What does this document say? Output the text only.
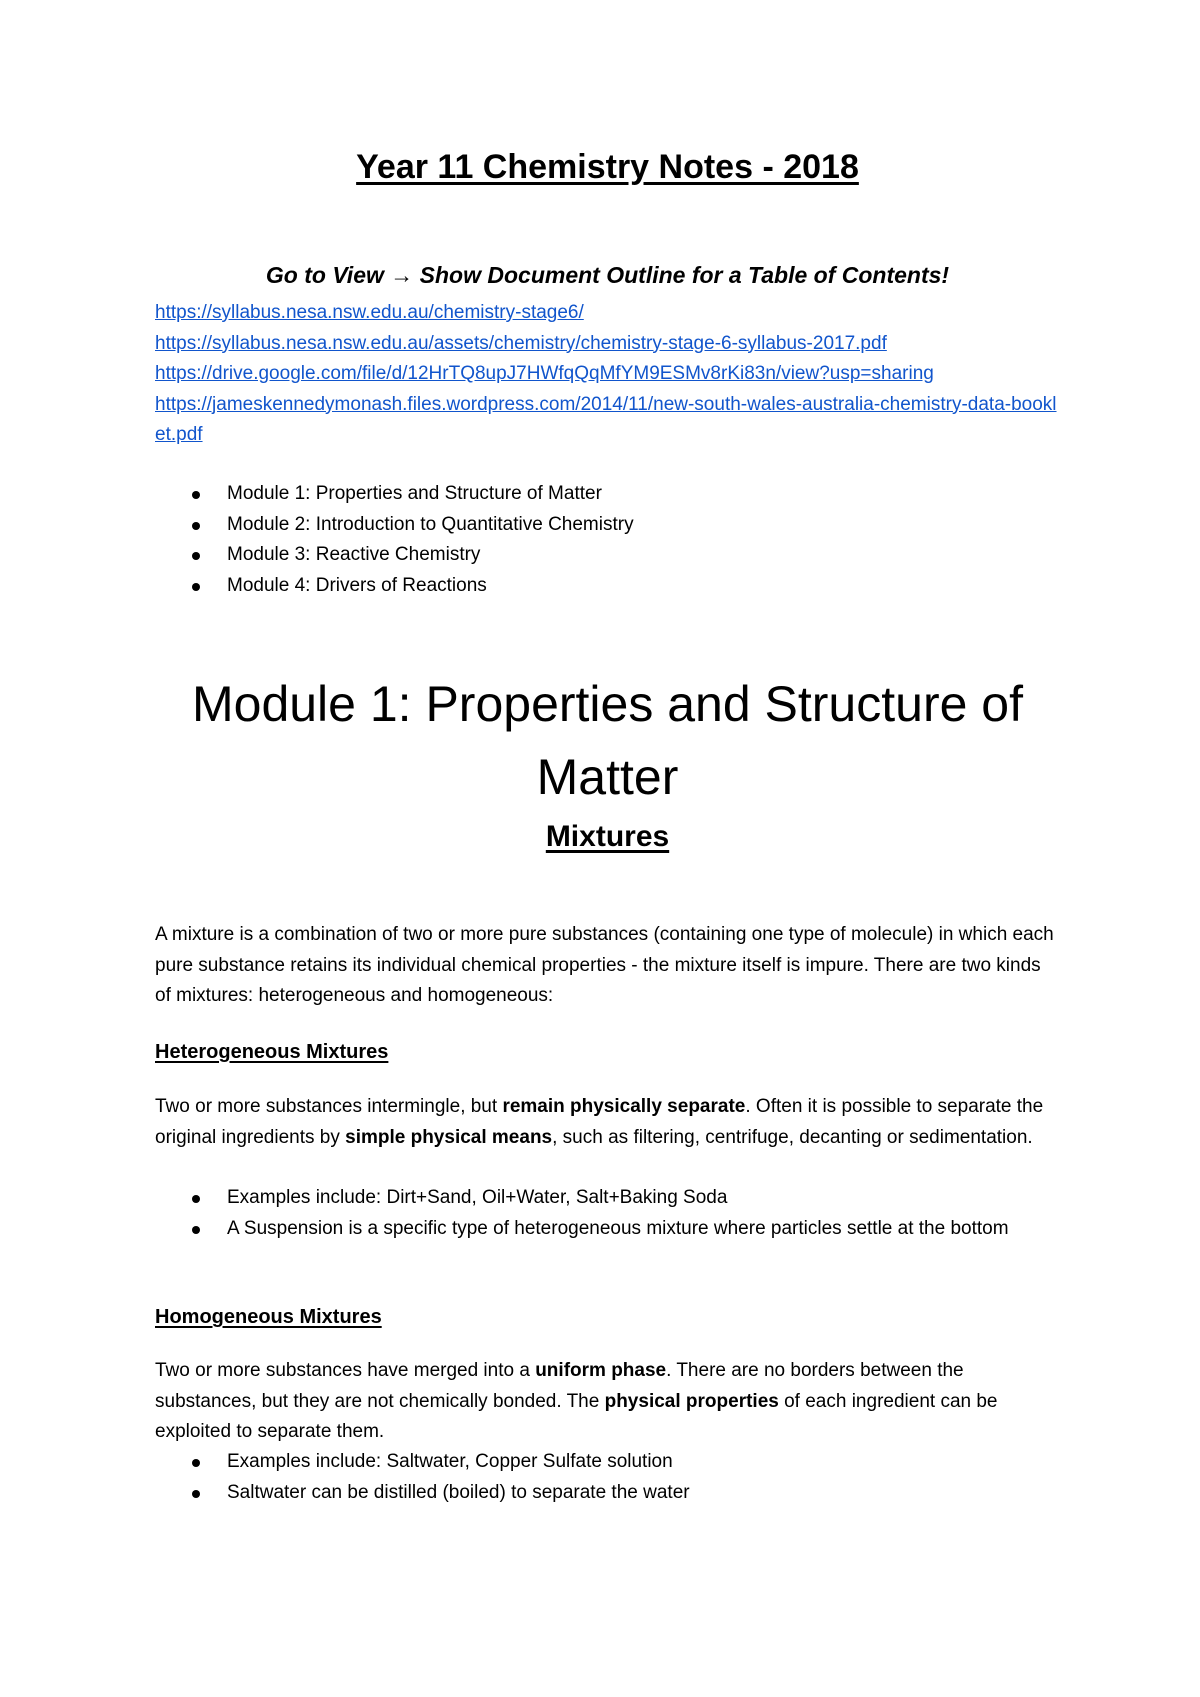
Year 11 Chemistry Notes - 2018

Go to View → Show Document Outline for a Table of Contents!

https://syllabus.nesa.nsw.edu.au/chemistry-stage6/
https://syllabus.nesa.nsw.edu.au/assets/chemistry/chemistry-stage-6-syllabus-2017.pdf
https://drive.google.com/file/d/12HrTQ8upJ7HWfqQqMfYM9ESMv8rKi83n/view?usp=sharing
https://jameskennedymonash.files.wordpress.com/2014/11/new-south-wales-australia-chemistry-data-booklet.pdf
Module 1: Properties and Structure of Matter
Module 2: Introduction to Quantitative Chemistry
Module 3: Reactive Chemistry
Module 4: Drivers of Reactions
Module 1: Properties and Structure of Matter
Mixtures

A mixture is a combination of two or more pure substances (containing one type of molecule) in which each pure substance retains its individual chemical properties - the mixture itself is impure. There are two kinds of mixtures: heterogeneous and homogeneous:

Heterogeneous Mixtures

Two or more substances intermingle, but remain physically separate. Often it is possible to separate the original ingredients by simple physical means, such as filtering, centrifuge, decanting or sedimentation.

Examples include: Dirt+Sand, Oil+Water, Salt+Baking Soda
A Suspension is a specific type of heterogeneous mixture where particles settle at the bottom
Homogeneous Mixtures

Two or more substances have merged into a uniform phase. There are no borders between the substances, but they are not chemically bonded. The physical properties of each ingredient can be exploited to separate them.

Examples include: Saltwater, Copper Sulfate solution
Saltwater can be distilled (boiled) to separate the water
